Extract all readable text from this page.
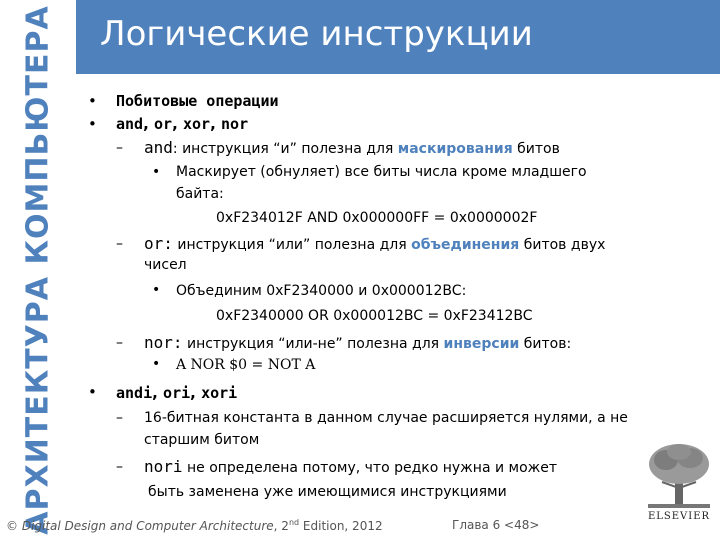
АРХИТЕКТУРА КОМПЬЮТЕРА Логические инструкции
• Побитовые операции
• and, or, xor, nor
– and: инструкция “и” полезна для маскирования битов
• Маскирует (обнуляет) все биты числа кроме младшего
байта:
0xF234012F AND 0x000000FF = 0x0000002F
– or: инструкция “или” полезна для объединения битов двух
чисел
• Объединим 0xF2340000 и 0x000012BC:
0xF2340000 OR 0x000012BC = 0xF23412BC
– nor: инструкция “или-не” полезна для инверсии битов:
• A NOR $0 = NOT A
• andi, ori, xori
– 16-битная константа в данном случае расширяется нулями, а не
старшим битом
– nori не определена потому, что редко нужна и может
быть заменена уже имеющимися инструкциями
ELSEVIER
© Digital Design and Computer Architecture, 2nd Edition, 2012	Глава 6 <48>
